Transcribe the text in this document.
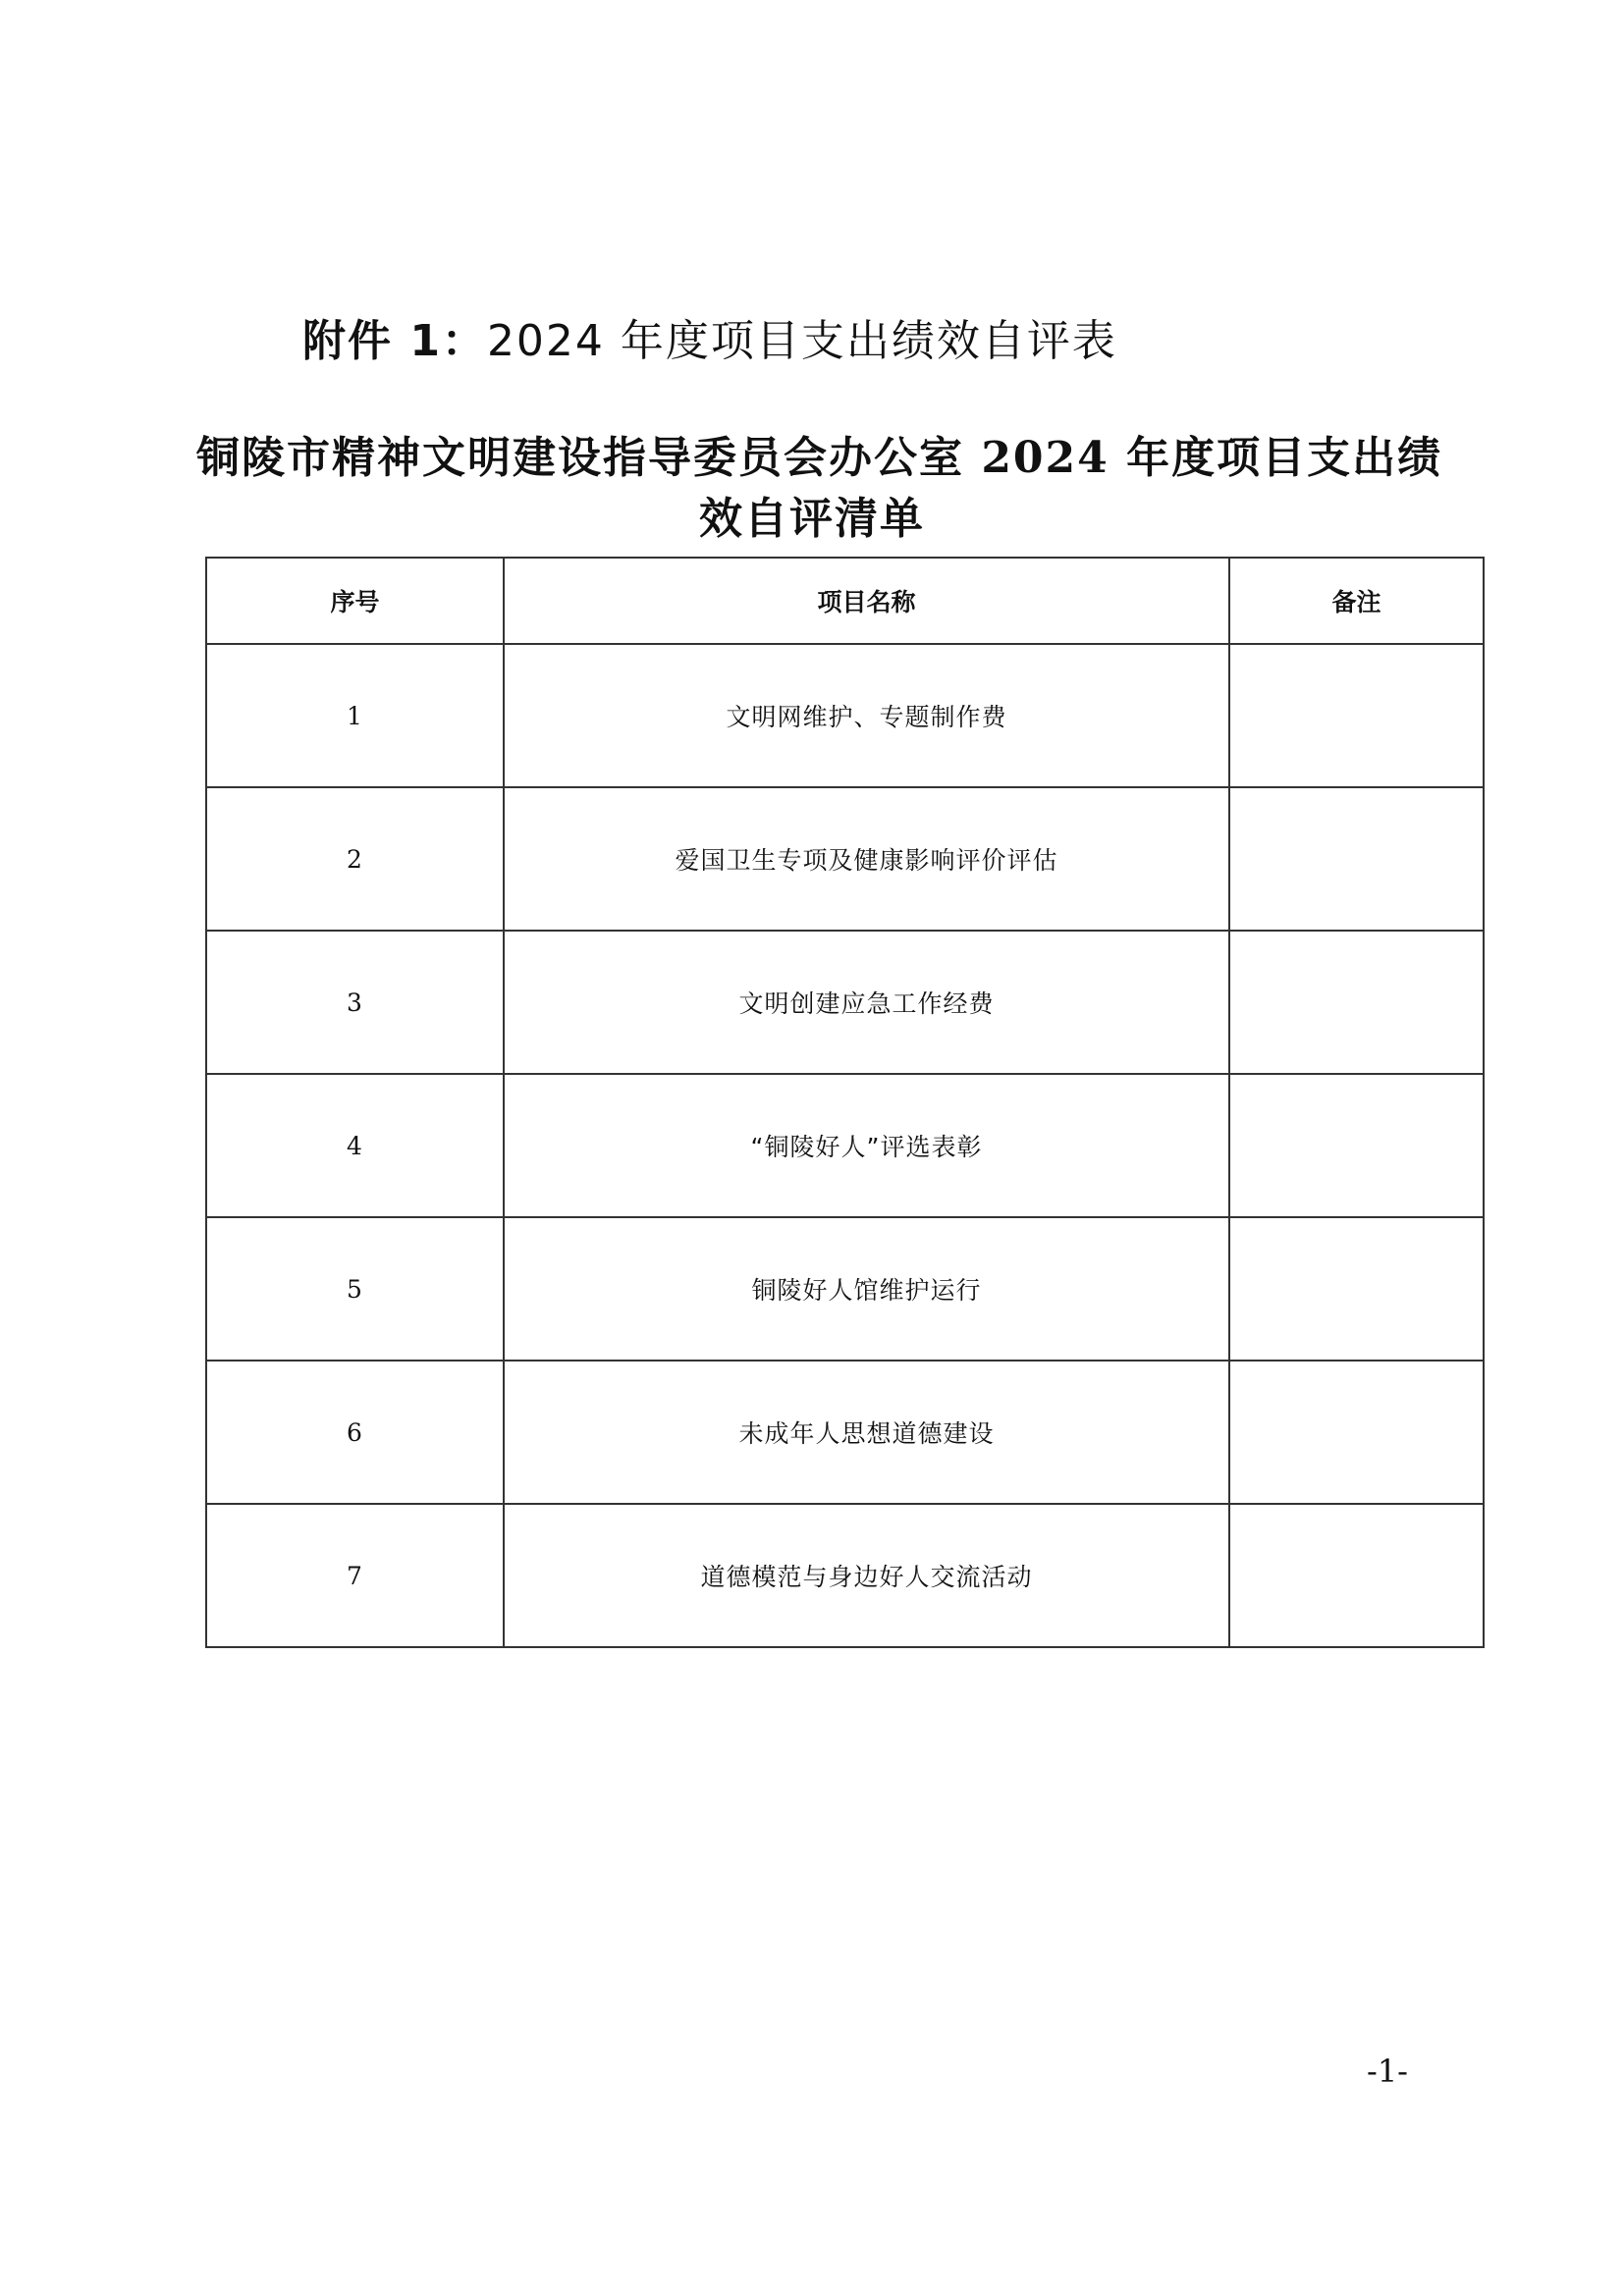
附件 1：2024 年度项目支出绩效自评表
铜陵市精神文明建设指导委员会办公室 2024 年度项目支出绩
效自评清单
序号	项目名称	备注
1	文明网维护、专题制作费	
2	爱国卫生专项及健康影响评价评估	
3	文明创建应急工作经费	
4	“铜陵好人”评选表彰	
5	铜陵好人馆维护运行	
6	未成年人思想道德建设	
7	道德模范与身边好人交流活动	
-1-
